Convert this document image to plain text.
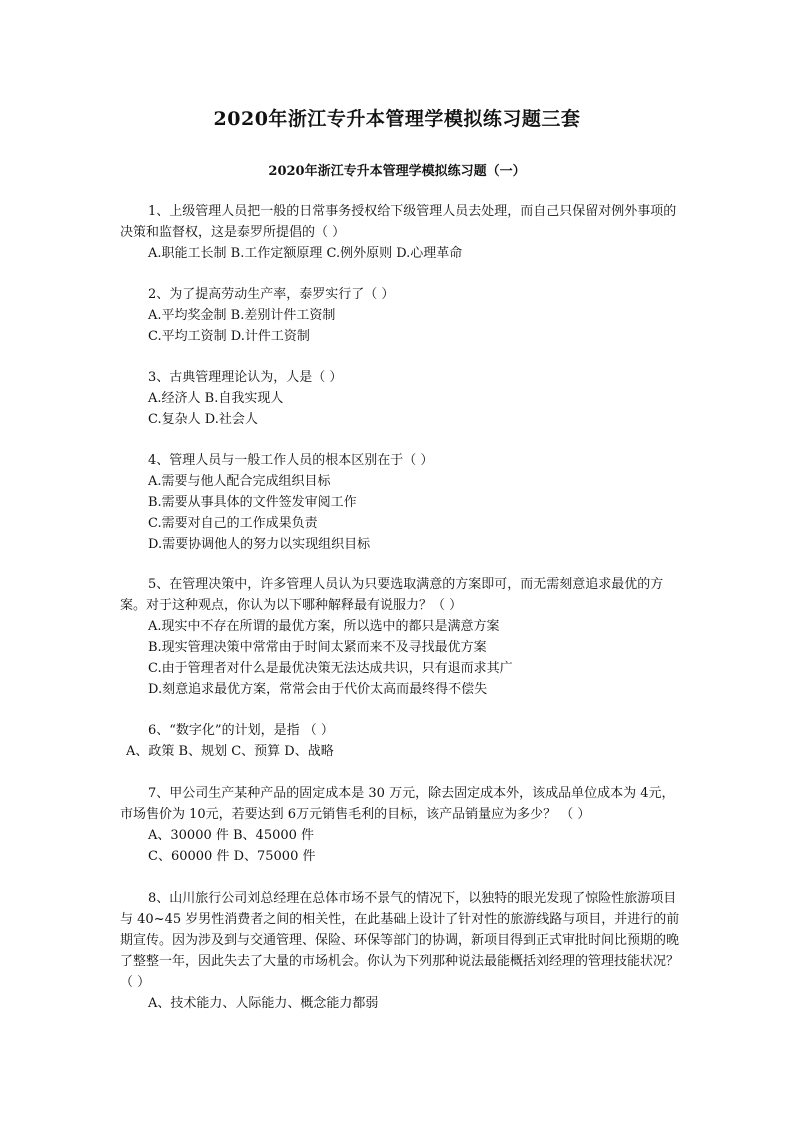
2020年浙江专升本管理学模拟练习题三套
2020年浙江专升本管理学模拟练习题（一）

1、上级管理人员把一般的日常事务授权给下级管理人员去处理，而自己只保留对例外事项的决策和监督权，这是泰罗所提倡的（ ）

A.职能工长制 B.工作定额原理 C.例外原则 D.心理革命

2、为了提高劳动生产率，泰罗实行了（ ）

A.平均奖金制 B.差别计件工资制

C.平均工资制 D.计件工资制

3、古典管理理论认为，人是（ ）

A.经济人 B.自我实现人

C.复杂人 D.社会人

4、管理人员与一般工作人员的根本区别在于（ ）

A.需要与他人配合完成组织目标

B.需要从事具体的文件签发审阅工作

C.需要对自己的工作成果负责

D.需要协调他人的努力以实现组织目标

5、在管理决策中，许多管理人员认为只要选取满意的方案即可，而无需刻意追求最优的方案。对于这种观点，你认为以下哪种解释最有说服力？（ ）

A.现实中不存在所谓的最优方案，所以选中的都只是满意方案

B.现实管理决策中常常由于时间太紧而来不及寻找最优方案

C.由于管理者对什么是最优决策无法达成共识，只有退而求其广

D.刻意追求最优方案，常常会由于代价太高而最终得不偿失

6、“数字化”的计划，是指 （ ）

A、政策 B、规划 C、预算 D、战略

7、甲公司生产某种产品的固定成本是 30 万元，除去固定成本外，该成品单位成本为 4元，市场售价为 10元，若要达到 6万元销售毛利的目标，该产品销量应为多少？ （ ）

A、30000 件 B、45000 件

C、60000 件 D、75000 件

8、山川旅行公司刘总经理在总体市场不景气的情况下，以独特的眼光发现了惊险性旅游项目与 40~45 岁男性消费者之间的相关性，在此基础上设计了针对性的旅游线路与项目，并进行的前期宣传。因为涉及到与交通管理、保险、环保等部门的协调，新项目得到正式审批时间比预期的晚了整整一年，因此失去了大量的市场机会。你认为下列那种说法最能概括刘经理的管理技能状况？ （ ）

A、技术能力、人际能力、概念能力都弱
